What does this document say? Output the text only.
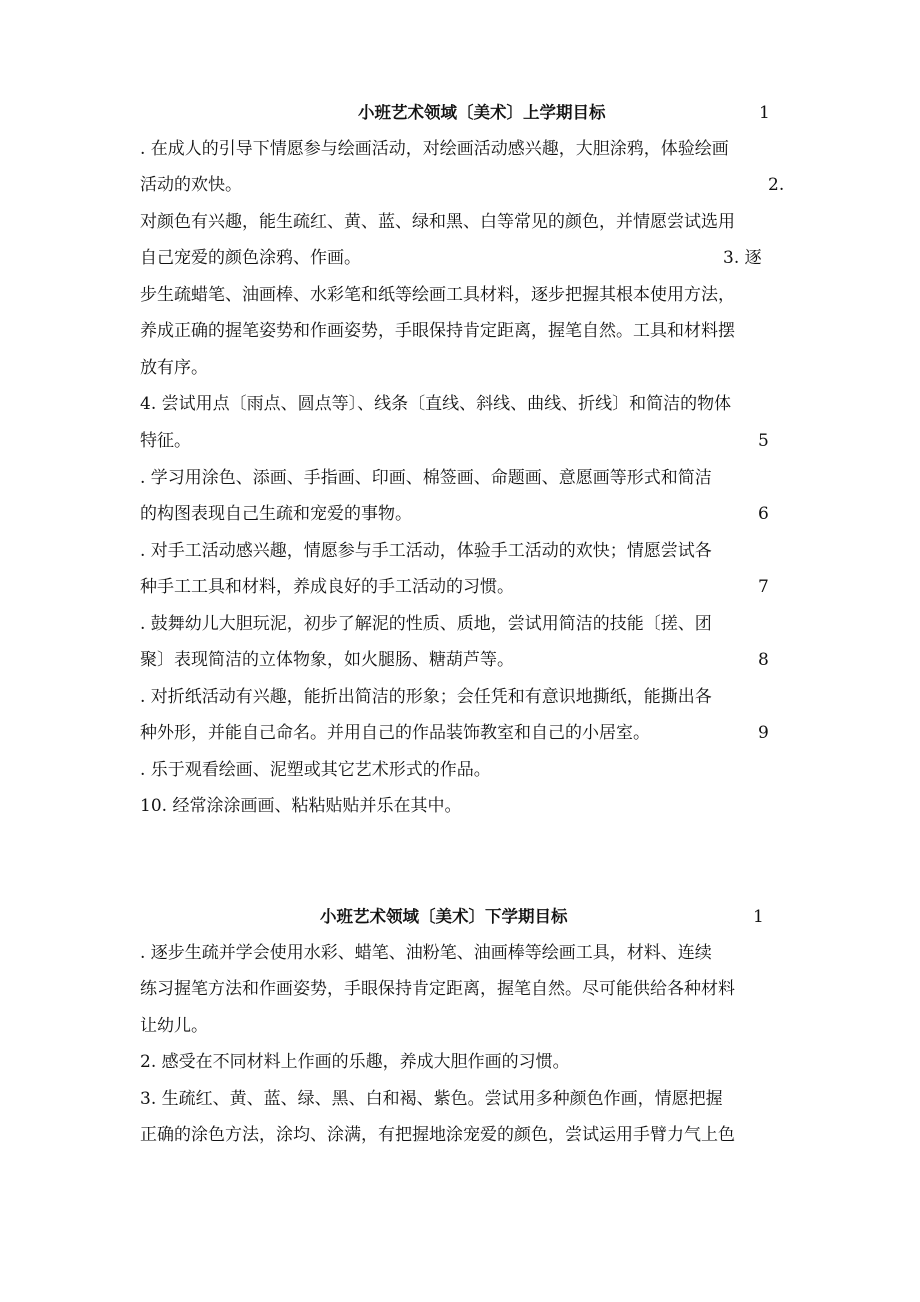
小班艺术领域〔美术〕上学期目标	1
. 在成人的引导下情愿参与绘画活动，对绘画活动感兴趣，大胆涂鸦，体验绘画
活动的欢快。	2.
对颜色有兴趣，能生疏红、黄、蓝、绿和黑、白等常见的颜色，并情愿尝试选用
自己宠爱的颜色涂鸦、作画。	3. 逐
步生疏蜡笔、油画棒、水彩笔和纸等绘画工具材料，逐步把握其根本使用方法，
养成正确的握笔姿势和作画姿势，手眼保持肯定距离，握笔自然。工具和材料摆
放有序。
4. 尝试用点〔雨点、圆点等〕、线条〔直线、斜线、曲线、折线〕和简洁的物体
特征。	5
. 学习用涂色、添画、手指画、印画、棉签画、命题画、意愿画等形式和简洁
的构图表现自己生疏和宠爱的事物。	6
. 对手工活动感兴趣，情愿参与手工活动，体验手工活动的欢快；情愿尝试各
种手工工具和材料，养成良好的手工活动的习惯。	7
. 鼓舞幼儿大胆玩泥，初步了解泥的性质、质地，尝试用简洁的技能〔搓、团
聚〕表现简洁的立体物象，如火腿肠、糖葫芦等。	8
. 对折纸活动有兴趣，能折出简洁的形象；会任凭和有意识地撕纸，能撕出各
种外形，并能自己命名。并用自己的作品装饰教室和自己的小居室。	9
. 乐于观看绘画、泥塑或其它艺术形式的作品。
10. 经常涂涂画画、粘粘贴贴并乐在其中。
小班艺术领域〔美术〕下学期目标	1
. 逐步生疏并学会使用水彩、蜡笔、油粉笔、油画棒等绘画工具，材料、连续
练习握笔方法和作画姿势，手眼保持肯定距离，握笔自然。尽可能供给各种材料
让幼儿。
2. 感受在不同材料上作画的乐趣，养成大胆作画的习惯。
3. 生疏红、黄、蓝、绿、黑、白和褐、紫色。尝试用多种颜色作画，情愿把握
正确的涂色方法，涂均、涂满，有把握地涂宠爱的颜色，尝试运用手臂力气上色
